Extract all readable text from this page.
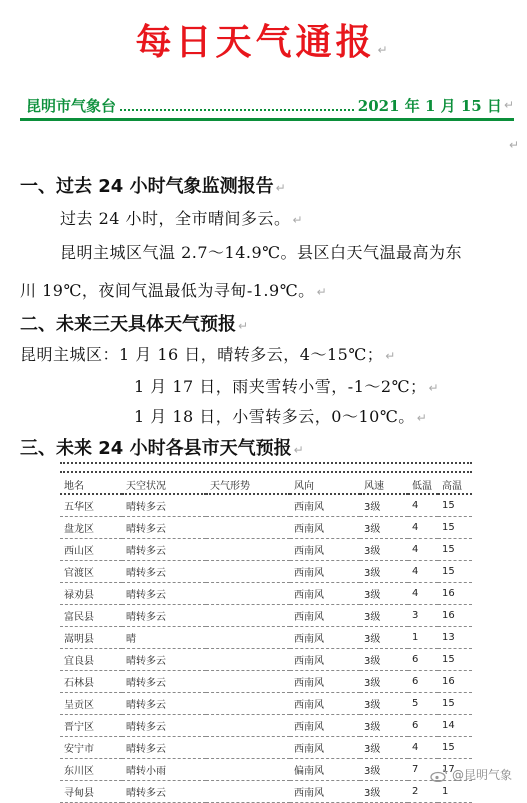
每日天气通报 ↵
昆明市气象台	2021 年 1 月 15 日 ↵
↵
一、过去 24 小时气象监测报告 ↵
过去 24 小时，全市晴间多云。 ↵
昆明主城区气温 2.7～14.9℃。县区白天气温最高为东
川 19℃，夜间气温最低为寻甸-1.9℃。 ↵
二、未来三天具体天气预报 ↵
昆明主城区：1 月 16 日，晴转多云，4～15℃； ↵
1 月 17 日，雨夹雪转小雪，-1～2℃； ↵
1 月 18 日，小雪转多云，0～10℃。 ↵
三、未来 24 小时各县市天气预报 ↵
地名	天空状况	天气形势	风向	风速	低温	高温
五华区	晴转多云		西南风	3级	4	15
盘龙区	晴转多云		西南风	3级	4	15
西山区	晴转多云		西南风	3级	4	15
官渡区	晴转多云		西南风	3级	4	15
禄劝县	晴转多云		西南风	3级	4	16
富民县	晴转多云		西南风	3级	3	16
嵩明县	晴		西南风	3级	1	13
宜良县	晴转多云		西南风	3级	6	15
石林县	晴转多云		西南风	3级	6	16
呈贡区	晴转多云		西南风	3级	5	15
晋宁区	晴转多云		西南风	3级	6	14
安宁市	晴转多云		西南风	3级	4	15
东川区	晴转小雨		偏南风	3级	7	17
寻甸县	晴转多云		西南风	3级	2	1
@昆明气象
